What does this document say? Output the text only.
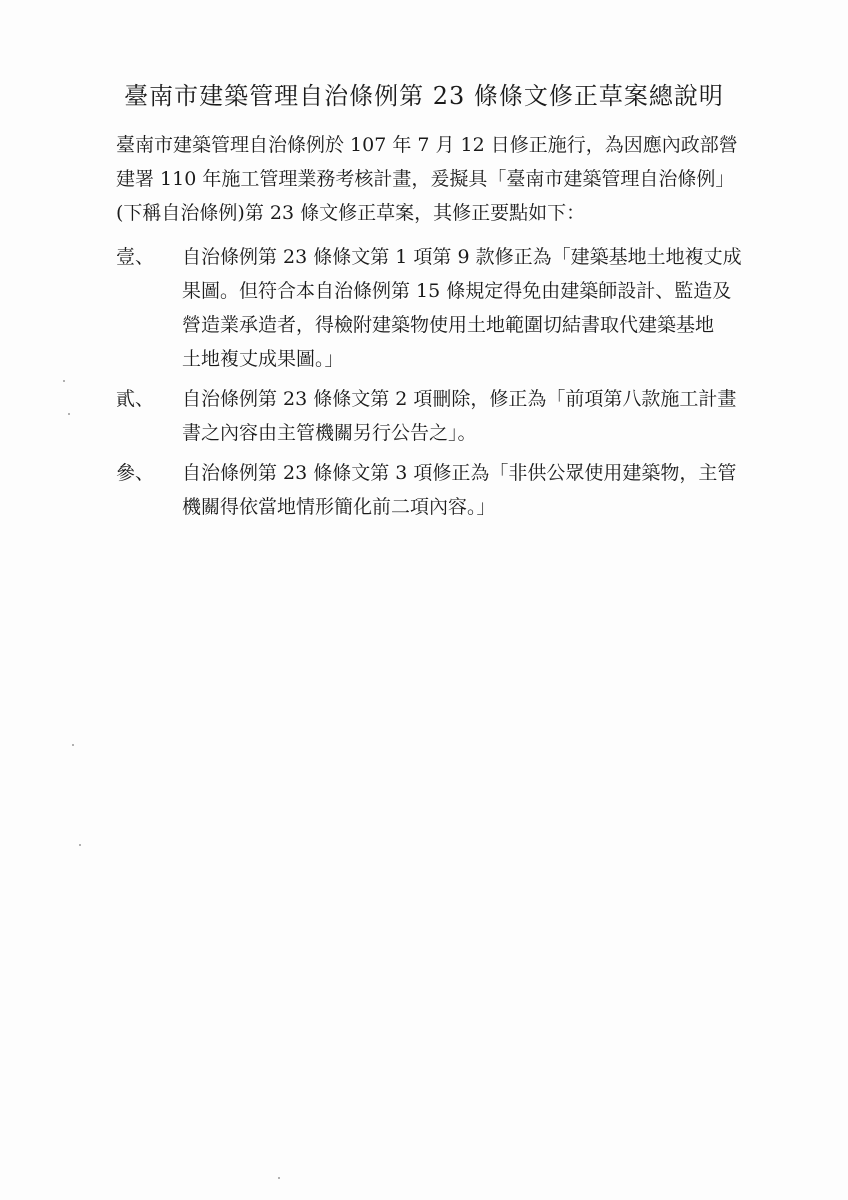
臺南市建築管理自治條例第 23 條條文修正草案總說明
臺南市建築管理自治條例於 107 年 7 月 12 日修正施行，為因應內政部營
建署 110 年施工管理業務考核計畫，爰擬具「臺南市建築管理自治條例」
(下稱自治條例)第 23 條文修正草案，其修正要點如下：
壹、	自治條例第 23 條條文第 1 項第 9 款修正為「建築基地土地複丈成
果圖。但符合本自治條例第 15 條規定得免由建築師設計、監造及
營造業承造者，得檢附建築物使用土地範圍切結書取代建築基地
土地複丈成果圖。」
貳、	自治條例第 23 條條文第 2 項刪除，修正為「前項第八款施工計畫
書之內容由主管機關另行公告之」。
參、	自治條例第 23 條條文第 3 項修正為「非供公眾使用建築物，主管
機關得依當地情形簡化前二項內容。」
